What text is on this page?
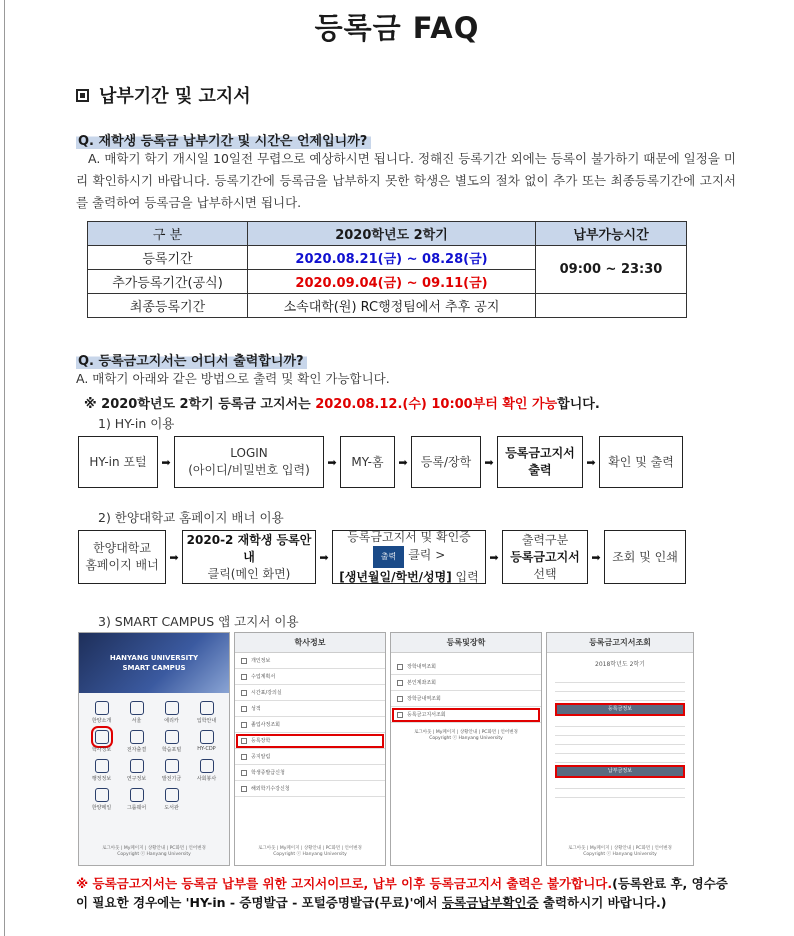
등록금 FAQ
납부기간 및 고지서
Q. 재학생 등록금 납부기간 및 시간은 언제입니까?

A. 매학기 학기 개시일 10일전 무렵으로 예상하시면 됩니다. 정해진 등록기간 외에는 등록이 불가하기 때문에 일정을 미리 확인하시기 바랍니다. 등록기간에 등록금을 납부하지 못한 학생은 별도의 절차 없이 추가 또는 최종등록기간에 고지서를 출력하여 등록금을 납부하시면 됩니다.

구 분	2020학년도 2학기	납부가능시간
등록기간	2020.08.21(금) ~ 08.28(금)	09:00 ~ 23:30
추가등록기간(공식)	2020.09.04(금) ~ 09.11(금)	
최종등록기간	소속대학(원) RC행정팀에서 추후 공지	
Q. 등록금고지서는 어디서 출력합니까?

A. 매학기 아래와 같은 방법으로 출력 및 확인 가능합니다.

※ 2020학년도 2학기 등록금 고지서는 2020.08.12.(수) 10:00부터 확인 가능합니다.
1) HY-in 이용
HY-in 포털	➡
LOGIN
(아이디/비밀번호 입력)
➡ MY-홈	➡ 등록/장학	➡
등록금고지서
출력
➡ 확인 및 출력
2) 한양대학교 홈페이지 배너 이용
한양대학교
홈페이지 배너
➡
2020-2 재학생 등록안내
클릭(메인 화면)
➡
등록금고지서 및 확인증
출력 클릭 >
[생년월일/학번/성명] 입력
➡
출력구분
등록금고지서
선택
➡ 조회 및 인쇄
3) SMART CAMPUS 앱 고지서 이용
HANYANG UNIVERSITY
SMART CAMPUS
한양소개	서울	에리카	입학안내
학사정보	전자출결	학습포털	HY-CDP
행정정보	연구정보	발전기금	사회봉사
한양메일	그룹웨어	도서관
로그아웃 | My페이지 | 상황안내 | PC화면 | 언어변경
Copyright ⓒ Hanyang University
학사정보
개인정보
수업계획서
시간표/강의실
성적
졸업사정조회
등록장학
공지알림
학생증발급신청
해외학기수강신청
로그아웃 | My페이지 | 상황안내 | PC화면 | 언어변경
Copyright ⓒ Hanyang University
등록및장학
장학내역조회
본인계좌조회
장학금내역조회
등록금고지서조회
로그아웃 | My페이지 | 상황안내 | PC화면 | 언어변경
Copyright ⓒ Hanyang University
등록금고지서조회
2018학년도 2학기
등록금정보
납부금정보
로그아웃 | My페이지 | 상황안내 | PC화면 | 언어변경
Copyright ⓒ Hanyang University
※ 등록금고지서는 등록금 납부를 위한 고지서이므로, 납부 이후 등록금고지서 출력은 불가합니다.(등록완료 후, 영수증이 필요한 경우에는 'HY-in - 증명발급 - 포털증명발급(무료)'에서 등록금납부확인증 출력하시기 바랍니다.)
